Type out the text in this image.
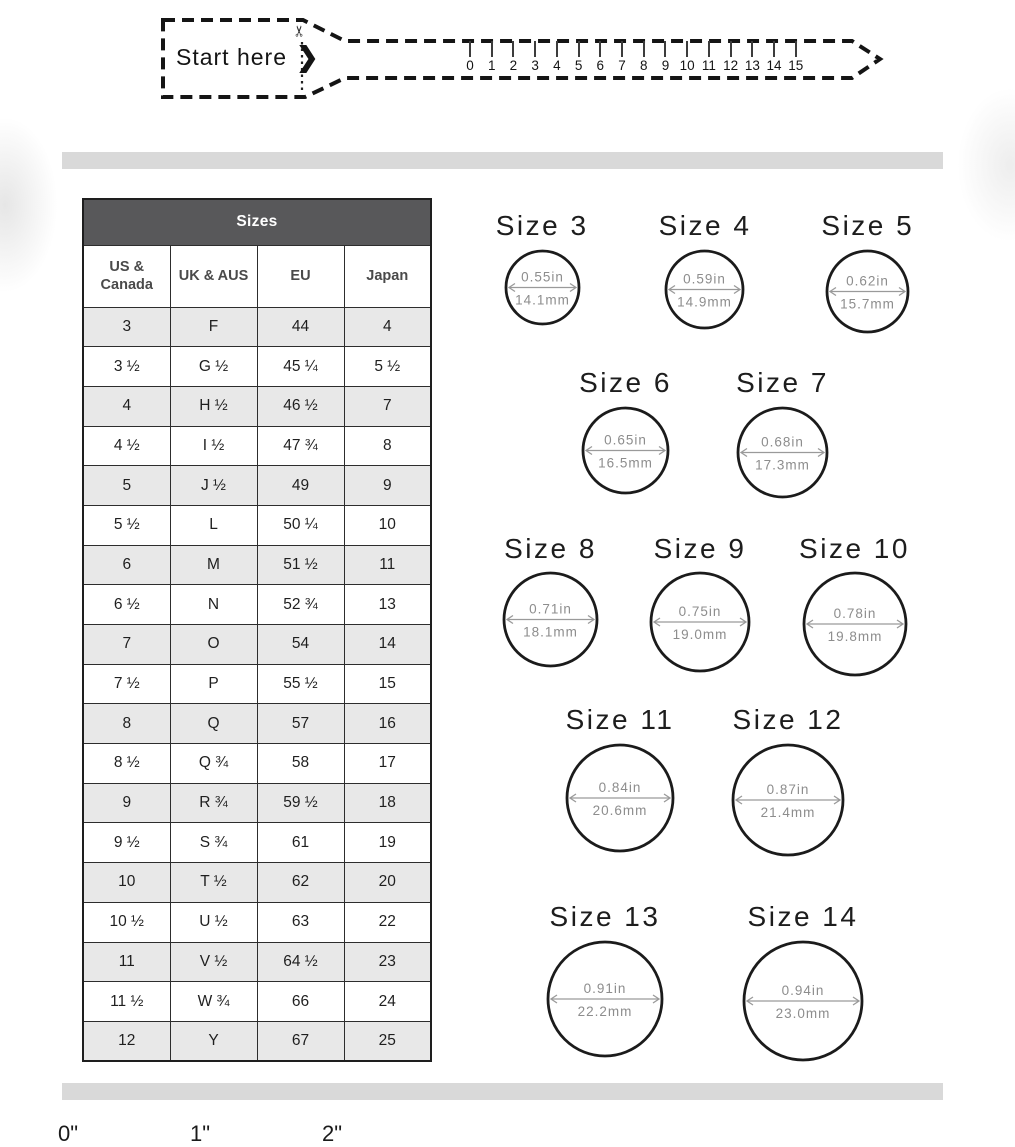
Start here ❯
✂
0 1 2 3 4 5 6 7 8 9 10 11 12 13 14 15
Sizes			
US & Canada	UK & AUS	EU	Japan
3	F	44	4
3 ½	G ½	45 ¼	5 ½
4	H ½	46 ½	7
4 ½	I ½	47 ¾	8
5	J ½	49	9
5 ½	L	50 ¼	10
6	M	51 ½	11
6 ½	N	52 ¾	13
7	O	54	14
7 ½	P	55 ½	15
8	Q	57	16
8 ½	Q ¾	58	17
9	R ¾	59 ½	18
9 ½	S ¾	61	19
10	T ½	62	20
10 ½	U ½	63	22
11	V ½	64 ½	23
11 ½	W ¾	66	24
12	Y	67	25
Size 3
0.55in
14.1mm
Size 4
0.59in
14.9mm
Size 5
0.62in
15.7mm
Size 6
0.65in
16.5mm
Size 7
0.68in
17.3mm
Size 8
0.71in
18.1mm
Size 9
0.75in
19.0mm
Size 10
0.78in
19.8mm
Size 11
0.84in
20.6mm
Size 12
0.87in
21.4mm
Size 13
0.91in
22.2mm
Size 14
0.94in
23.0mm
0"	1"	2"
